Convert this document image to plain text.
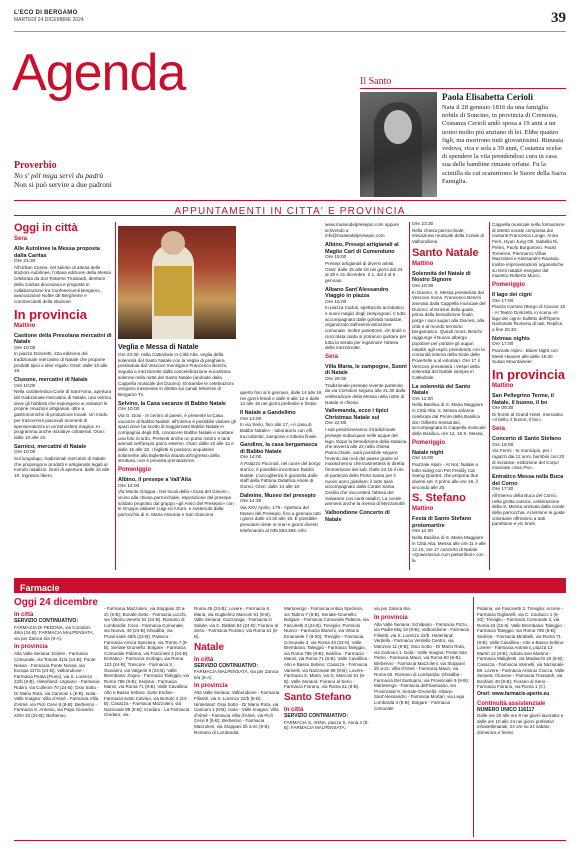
L'ECO DI BERGAMO
MARTEDÌ 24 DICEMBRE 2024	39
Agenda
Proverbio

No s' pöl miga servì du padrù

Non si può servire a due padroni

Il Santo
Paola Elisabetta Cerioli

Nata il 28 gennaio 1816 da una famiglia nobile di Soncino, in provincia di Cremona, Costanza Cerioli andò sposa a 19 anni a un uomo molto più anziano di lei. Ebbe quattro figli, ma morirono tutti giovanissimi. Rimasta vedova, rica e sola a 39 anni, Costanza scelse di spendere la vita prendendosi cura in casa sua delle bambine rimaste orfane. Fu la scintilla da cui scaturirono le Suore della Sacra Famiglia.

APPUNTAMENTI IN CITTA' E PROVINCIA
Oggi in città
Sera
Alle Autolinee la Messa proposta dalla Caritas
Ore 21:30

All'Urban Center, nel salone di attesa delle stazioni Autolinee, l'ottava edizione della Messa celebrata da don Roberto Trussardi, direttore della Caritas diocesana e proposta in collaborazione tra Confesercenti Bergamo, associazione Nolter de Bergheme e commercianti della stazione.

In provincia
Mattino
Castione della Presolana mercatini di Natale
Ore 10:00

In piazza Donizetti, 22a edizione del tradizionale mercatino di Natale che propone prodotti tipici e idee regalo. Orari: dalle 10 alle 19.

Clusone, mercatini di Natale
Ore 10:00

Nella caratteristica Corte di Sant'Anna, apertura del tradizionale mercatino di Natale, una vetrina dove gli hobbisti che espongono ai visitatori le proprie creazioni artigianali, oltre a gastronomiche di produzione locale. Un modo per trascorrere piacevoli momenti di spensieratezza in un'atmosfera magica. In programma anche iniziative collaterali. Orari: dalle 10 alle 19.

Sarnico, mercatini di Natale
Ore 10:00

Sul lungolago, tradizionali mercatini di Natale che propongono prodotti e artigianato legati al mondo natalizio. Orari di apertura: dalle 10 alle 19. Ingresso libero.

Veglia e Messa di Natale

Ore 23.30, nella Cattedrale in Città Alta, veglia della solennità del Santo Natale con la Veglia di preghiera presieduta dal Vescovo monsignor Francesco Beschi, seguita a mezzanotte dalla concelebrazione eucaristica solenne nella notte del Santo Natale (animate dalla Cappella musicale del Duomo). Entrambe le celebrazioni vengono trasmesse in diretta sui canali televisivi di Bergamo Tv.

Selvino, la Casa vacanze di Babbo Natale
Ore 10:00

Via G. Dosi - In centro al paese, è presente la Casa vacanze di Babbo Natale: all'interno è possibile visitare gli spazi dove ha scelto di soggiornare Babbo Natale in compagnia degli Elfi, conoscere Babbo Natale e scattare una foto ricordo. Presenti anche un punto ristoro e tanti animali nell'ampio parco esterno. Orari: dalle 10 alle 12 e dalle 15 alle 18. I biglietti si possono acquistare solamente alla biglietteria situata all'ingresso della struttura, non è prevista prenotazione.

Pomeriggio
Albino, il presepe a Vall'Alta
Ore 14:00

Via Monte Grappa - Nei locali della «Casa del Giovin», vicino alla chiesa parrocchiale, esposizione del presepe soldato proposto dal gruppo «gli Amici del Presepio» con le Gruppo visitare! Luigi ed Arturo, e sostenuto dalla parrocchia di S. Maria Assunta e San Giacomo.

aperto fino al 6 gennaio, dalle 14 alle 18 nei giorni feriali e dalle 9 alle 12 e dalle 14 alle 19 nei giorni prefestivi e festivi.

Il Natale a Gandellino
Ore 14:00

In via Serio, fino alle 17, «A casa di Babbo Natale» - laboratorio con elfi, truccabimbi, zampone e lotteria finale.

Gandino, la casa bergamasca di Babbo Natale
Ore 14:00

A Palazzo Piccinali, nel cuore del borgo storico, è possibile incontrare Babbo Natale. L'accoglienza è garantita dallo staff della Fattoria Didattica Ariete di Gorno. Orari: dalle 14 alle 18.

Dalmine, Museo del presepio
Ore 14:30

Via XXV Aprile, 179 - Apertura del Museo del Presepio, fino a gennaio tutti i giorni dalle 14.30 alle 18. È possibile prenotare visite in orari e giorni diversi telefonando al 035.563.383. Info:

www.museodelpresepio.com oppure scrivendo a info@museodelpresepio.com

Albino, Presepi artigianali al Maglio Carl di Comenduno
Ore 15:00

Presepi artigianali di diversi artisti. Orari: dalle 15 alle 18 nei giorni dal 24 al 29 e 31 dicembre. Il 1, dal 4 al 6 gennaio.

Albano Sant'Alessandro Viaggio in piazza
Ore 16:00

In piazza Caduti, spettacolo acrobatico e suoni magici degli zampognari. Il tutto accompagnato dalle golosità natalizie, organizzato dall'amministrazione comunale. Inoltre panettone, vin brulè e cioccolata calda si potranno gustare per tutta la serata per ingannare l'attesa della mezzanotte.

Sera
Villa Maria, le zampogne, Suoni di Natale
Ore 20:30

Tradizionale presepe vivente partendo da via Corridoni seguito alle 21.30 dalla celebrazione della Messa nella notte di Natale in chiesa.

Vallemanda, ecco i tipici Christmas Natale sul
Ore 22:00

I sub posizioneranno il tradizionale presepe subacqueo nelle acque del lago. Dopo la benedizione della statuina che avverrà alle 22 nella chiesa Parrocchiale, sarà possibile seguire l'evento dai moli del paese grazie al maxischermo che trasmetterà in diretta l'immersione dei sub. Dalle 23.15 il rito di partenza della Porta Santa per il nuovo anno giubilare; il tutto sarà accompagnato dalla Corale Santa Cecilia che racconterà l'attesa del Salvatore con canti natalizi. La corale animerà anche la messa di Mezzanotte.

Valbondione Concerto di Natale
Ore 23:30

Nella chiesa parrocchiale, elevazione musicale della Corale di Valbondione.

Santo Natale
Mattino
Solennità del Natale di Nostro Signore
Ore 10:30

In Duomo, S. Messa presieduta dal Vescovo mons. Francesco Beschi animata dalla Cappella musicale del Duomo; al termine della quale, prima della benedizione finale, porge i suoi auguri alla Diocesi, alla città e al mondo territorio bergamasco. Quindi mons. Beschi raggiunge il Nuovo albergo popolare per portare gli auguri natalizi agli ospiti, prendendo con la comunità interna della Sede delle Povertelle a al volontari. Ore 17 il Vescovo presiederà i Vespri della solennità del Natale sempre in Cattedrale.

La solennità del Santo Natale
Ore 11:00

Nella Basilica di S. Maria Maggiore in Città Alta, S. Messa solenne celebrata dal Priore della Basilica don Gilberto Sessantini, accompagnata la Cappella musicale della Basilica, ore 12, 15 S. Messa.

Pomeriggio
Natale night
Ore 15:00

Piazzale Alpini - At Not, Natale a tutto swing con Pet Freddy Cat Swing Quartet, che propone due diversi set. Il primo alle ore 18, il secondo alle 20.

S. Stefano
Mattino
Festa di Santo Stefano protomartire
Ore 11:00

Nella Basilica di S. Maria Maggiore in Città Alta, Messa alle ore 11 e alle 12.15, ore 17 concerto di Natale «Quaerannus cum pastoribus» con la

Cappella musicale nella formazione di ottetto vocale composta dai cantanti Francesca Longe, Anna Ferri, Hyun Jung Oh, Isabella Di Pietro, Paolo Borgonovo, Paolo Tornerne, Piermarco Viñas Mazzoleni e Alessandro Ravasio. Inoltre improvvisazioni organistiche su temi natalizi eseguite dal maestro Roberto Mucci.

Pomeriggio
Il lago dei cigni
Ore 17:00

Piazza Carrara (Borgo di Cavour 15 - Al Teatro Donizetti, in scena «Il lago dei cigni» balletto dell'Opera Nazionale Rumena di Iasi. Replica a fine 20.30.

Nxtmas nights
Ore 17:00

Piazzale Alpini - Blues Night con Meek Heaven alle delle 19.30 Susan Mountaineer.

In provincia
Mattino
San Pellegrino Terme, il Natale, il buono, il bo
Ore 09:30

Di fronte al Grand Hotel, mercatino «Il bello, il buono, il bio».

Sera
Concerto di Santo Stefano
Ore 16:00

Via Fermi - In municipio, per i ragazzi dai 12 anni, bambini con 20 di iniziative, esibizione del Corpo musicale «San Pio».

Entratico Messa nella Buca del Corno
Ore 17:30

All'interno della Buca del Corno, nella grotta carsica, celebrazione della S. Messa animata dalla corale della parrocchia. Al termine le guide volontarie offriranno a tutti panettone e vin brulè.

Farmacie
Oggi 24 dicembre
In città
SERVIZIO CONTINUATIVO:

FARMACIA DI PEDONA, via Corridoni 46/a (24-B): FARMACIA MALPENSATA, via per Zanica 6/a (8-A).

In provincia

Alta Valle Seriana: Eolère - Farmacia Comunale, via Tortola 31/a (24-B); Ponte Nossa - Farmacia Ponte Nossa, via Europa 117/a (24-B); Valbondione - Farmacia Pirata (Fiumi), via S. Lorenzo 22/b (8-B). Hinterland: Urgnano - Farmacia Rubini, via Colleoni 70 (24-B); Osio Sotto - Dr Mario Rota, via Cannoni 1 (8-B). Isola - Valle Imagna: Villa d'Almè - Farmacia Villa d'Almè, via Piclì Cervi 8 (8-B); Berbenno - Farmacia S. Antonio, via Papa Giovanni XXIII 33 (24-B); Berbenno

- Farmacia Mazzoleni, via Stoppani 20 a-2c (8-B); Bonate Sotto - Farmacia Lucchi, via Vittorio Veneto 52 (24-B). Romano di Lombardia: Covo - Farmacia Comunale, via Nuova, 40 (24-B) Ghisalba, via Provinciale 48/b (24-B); Palosco - Farmacia Amica Speziera, via Trento 7 (8-B). Seriate-Grumello: Bolgare - Farmacia Comunale Pidama, via Fascinetti 3 (24-B): Entratico - Farmacia Gorlago, via Roma 123 (24-B); Trescore - Farmacia S. Giovanni, via Valgenti 8 (24-B). Valle Brembana: Zogno - Farmacia Taleggio, via Roma 785 (8-B); Sedrina - Farmacia Mansi, via Roma 71 (8-B). Valle Cavallina: Alto e Basso Sebino: Sotto Endine - Farmacia Sotto Calvino, via Bortolo 4 (24-B); Casazza - Farmacia Mazzoleni, via Nazionale 88 (8-B); Credaro - La Farmacia Credaro, via

Roma 45 (24-B); Lovere - Farmacia S. Maria, via Guglielmo Marconi 51 (8-B). Valle Seriana: Gazzaniga - Farmacia in Salute, via C. Battisti 94 (24-B); Fiorano al Serio - Farmacia Fiorano, via Roma 51 (8-B).

Natale
In città
SERVIZIO CONTINUATIVO:

FARMACIA MALPENSATA, via per Zanica 6/a (8-A).

In provincia

Alta Valle Seriana: Valbondione - Farmacia Filisetti, via S. Lorenzo 22/b (8-B). Hinterland: Osio Sotto - Dr Mario Rota, via Cannoni 1 (8-B). Isola - Valle Imagna: Villa d'Almè - Farmacia Villa d'Almè, via Piclì Cervi 8 (8-B); Berbenno - Farmacia Mazzoleni, via Stoppani 2b a-2c (8-B). Romano di Lombardia:

Martinengo - Farmacia Antica Speziera, via Tadino 7 (8-B). Seriate-Grumello: Bolgare - Farmacia Comunale Pidama, via Fascinetti 3 (24-B). Treviglio: Pontirolo Nuovo - Farmacia Bianchi, via Vittorio Emanuele 7 (8-20); Treviglio - Farmacia Comunale 3, via Roma 43 (22-8). Valle Brembana: Taleggio - Farmacia Taleggio, via Roma 785 (8-B); Sedrina - Farmacia Mansi, via Roma 71 (8-B). Valle Cavallina - Alto e Basso Sebino: Casazza - Farmacia Varinelli, via Nazionale 88 (8-B); Lovere - Farmacia S. Maria, via G. Marconi 51 (8-B). Valle Seriana: Fiorano al Serio - Farmacia Fiorano, via Roma 51 (8-B).

Santo Stefano
In città
SERVIZIO CONTINUATIVO:

FARMACIA S. ANNA, piazza S. Anna 2 (8-B): FARMACIA MALPENSATA,

via per Zanica 6/a.

In provincia

Alta Valle Seriana: Schilpario - Farmacia Pizzo, via Padre Maj 13 (8-B); Valbondione - Farmacia Filisetti, via S. Lorenzo 22/b. Hinterland: Verdello - Farmacia Verdello Centro, via Manzoni 11 (8-B); Osio Sotto - Dr Mario Rota, via Cannoni 1. Isola - Valle Imagna: Ponte San Pietro - Farmacia Mauri, via Roma 60 (8-B); Berbenno - Farmacia Mazzoleni, via Stoppani 2b a-2c. Villa d'Almè - Farmacia Mauri, via Roma 60. Romano di Lombardia: Ghisalba - Farmacia Del Santuario, via Provinciale 9 (8-B); Martinengo - Farmacia dell'Santuario, via Provinciale 9. Seriate-Grumello: Albano Sant'Alessandro - Farmacia Mortari, via Lega Lombarda 3 (8-B); Bolgare - Farmacia comunale

Pidama, via Fascinetti 3. Treviglio: Arcene - Farmacia Gigliarelli, via C. Carducci 1 (8-20); Treviglio - Farmacia Comunale 3, via Roma 43 (22-8). Valle Brembana: Taleggio - Farmacia Taleggio, via Roma 785 (8-B); Sedrina - Farmacia Mirabelli, via Roma 71 (8-B). Valle Cavallina - Alto e Basso Sebino: Lovere - Farmacia Antonini, piazza 13 Martiri 12 (8-B); Adrara San Martino - Farmacia Malighetti, via Madaschi 20 (8-B); Casazza - Farmacia Varinelli, via Nazionale 88. Lovere - Farmacia Antonio Ciocca. Valle Seriana: Clusone - Farmacia Trussardi, via Bonfanti 40 (8-B); Fiorano al Serio - Farmacia Fiorano, via Roma 1 (C).

Orari: www.farmacie-aperte.eu

Continuità assistenziale
NUMERO UNICO 116117

Dalle ore 20 alle ore 8 nei giorni lavorativi e dalle ore 10 alle 24 nei giorni prefestivi infrasettimanali; 24 ore su 24 sabato, domenica e festivi.
